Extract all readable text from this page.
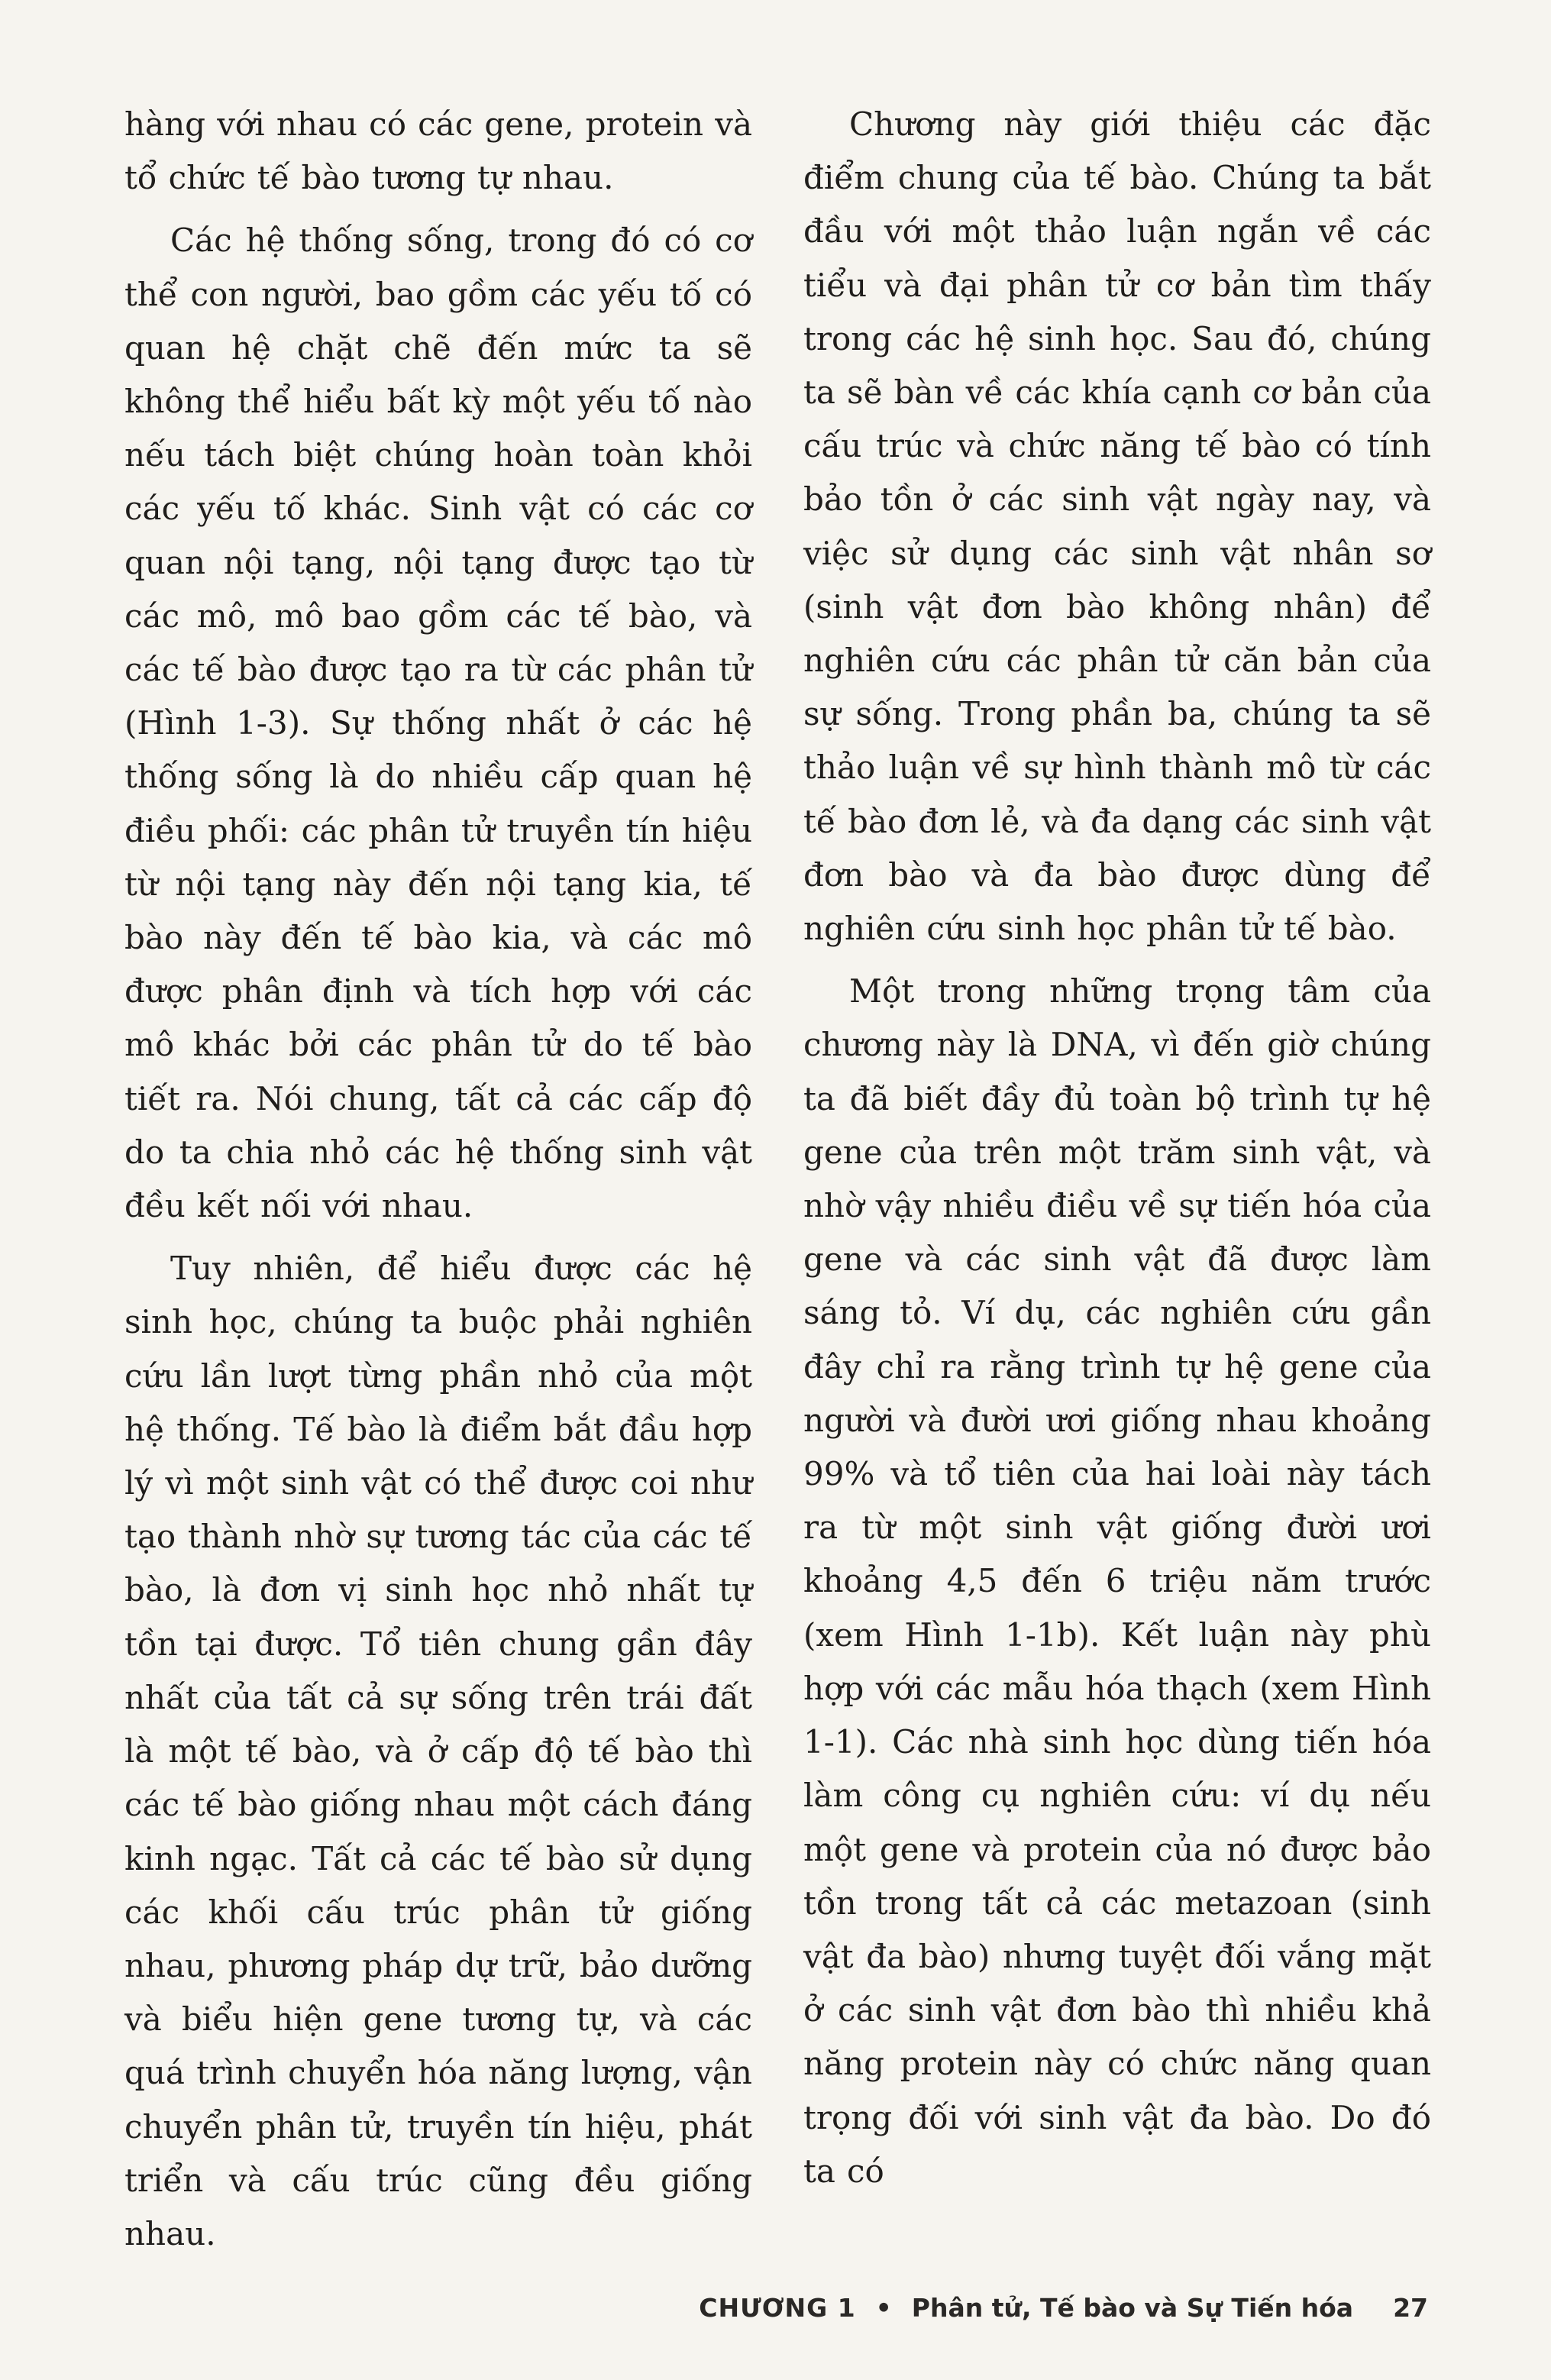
hàng với nhau có các gene, protein và tổ chức tế bào tương tự nhau.

Các hệ thống sống, trong đó có cơ thể con người, bao gồm các yếu tố có quan hệ chặt chẽ đến mức ta sẽ không thể hiểu bất kỳ một yếu tố nào nếu tách biệt chúng hoàn toàn khỏi các yếu tố khác. Sinh vật có các cơ quan nội tạng, nội tạng được tạo từ các mô, mô bao gồm các tế bào, và các tế bào được tạo ra từ các phân tử (Hình 1-3). Sự thống nhất ở các hệ thống sống là do nhiều cấp quan hệ điều phối: các phân tử truyền tín hiệu từ nội tạng này đến nội tạng kia, tế bào này đến tế bào kia, và các mô được phân định và tích hợp với các mô khác bởi các phân tử do tế bào tiết ra. Nói chung, tất cả các cấp độ do ta chia nhỏ các hệ thống sinh vật đều kết nối với nhau.

Tuy nhiên, để hiểu được các hệ sinh học, chúng ta buộc phải nghiên cứu lần lượt từng phần nhỏ của một hệ thống. Tế bào là điểm bắt đầu hợp lý vì một sinh vật có thể được coi như tạo thành nhờ sự tương tác của các tế bào, là đơn vị sinh học nhỏ nhất tự tồn tại được. Tổ tiên chung gần đây nhất của tất cả sự sống trên trái đất là một tế bào, và ở cấp độ tế bào thì các tế bào giống nhau một cách đáng kinh ngạc. Tất cả các tế bào sử dụng các khối cấu trúc phân tử giống nhau, phương pháp dự trữ, bảo dưỡng và biểu hiện gene tương tự, và các quá trình chuyển hóa năng lượng, vận chuyển phân tử, truyền tín hiệu, phát triển và cấu trúc cũng đều giống nhau.

Chương này giới thiệu các đặc điểm chung của tế bào. Chúng ta bắt đầu với một thảo luận ngắn về các tiểu và đại phân tử cơ bản tìm thấy trong các hệ sinh học. Sau đó, chúng ta sẽ bàn về các khía cạnh cơ bản của cấu trúc và chức năng tế bào có tính bảo tồn ở các sinh vật ngày nay, và việc sử dụng các sinh vật nhân sơ (sinh vật đơn bào không nhân) để nghiên cứu các phân tử căn bản của sự sống. Trong phần ba, chúng ta sẽ thảo luận về sự hình thành mô từ các tế bào đơn lẻ, và đa dạng các sinh vật đơn bào và đa bào được dùng để nghiên cứu sinh học phân tử tế bào.

Một trong những trọng tâm của chương này là DNA, vì đến giờ chúng ta đã biết đầy đủ toàn bộ trình tự hệ gene của trên một trăm sinh vật, và nhờ vậy nhiều điều về sự tiến hóa của gene và các sinh vật đã được làm sáng tỏ. Ví dụ, các nghiên cứu gần đây chỉ ra rằng trình tự hệ gene của người và đười ươi giống nhau khoảng 99% và tổ tiên của hai loài này tách ra từ một sinh vật giống đười ươi khoảng 4,5 đến 6 triệu năm trước (xem Hình 1-1b). Kết luận này phù hợp với các mẫu hóa thạch (xem Hình 1-1). Các nhà sinh học dùng tiến hóa làm công cụ nghiên cứu: ví dụ nếu một gene và protein của nó được bảo tồn trong tất cả các metazoan (sinh vật đa bào) nhưng tuyệt đối vắng mặt ở các sinh vật đơn bào thì nhiều khả năng protein này có chức năng quan trọng đối với sinh vật đa bào. Do đó ta có

CHƯƠNG 1 • Phân tử, Tế bào và Sự Tiến hóa 27
